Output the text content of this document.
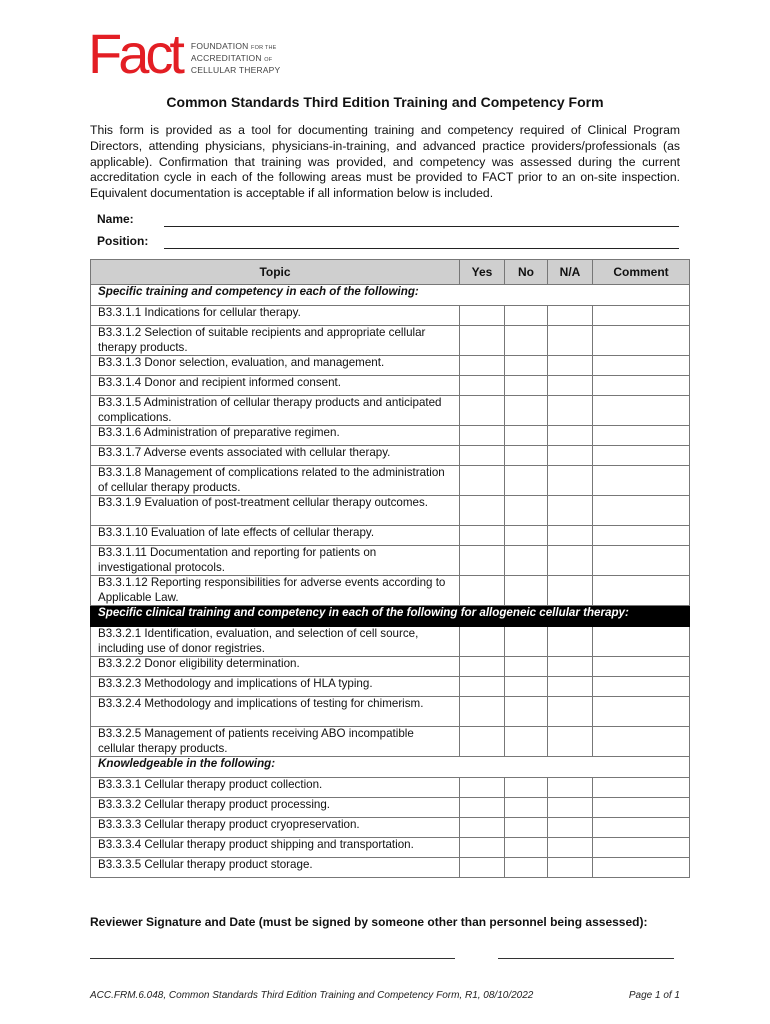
Fact FOUNDATION FOR THE
ACCREDITATION OF
CELLULAR THERAPY
Common Standards Third Edition Training and Competency Form
This form is provided as a tool for documenting training and competency required of Clinical Program Directors, attending physicians, physicians-in-training, and advanced practice providers/professionals (as applicable). Confirmation that training was provided, and competency was assessed during the current accreditation cycle in each of the following areas must be provided to FACT prior to an on-site inspection. Equivalent documentation is acceptable if all information below is included.
Name:
Position:
Topic	Yes	No	N/A	Comment
Specific training and competency in each of the following:				
B3.3.1.1 Indications for cellular therapy.				
B3.3.1.2 Selection of suitable recipients and appropriate cellular therapy products.				
B3.3.1.3 Donor selection, evaluation, and management.				
B3.3.1.4 Donor and recipient informed consent.				
B3.3.1.5 Administration of cellular therapy products and anticipated complications.				
B3.3.1.6 Administration of preparative regimen.				
B3.3.1.7 Adverse events associated with cellular therapy.				
B3.3.1.8 Management of complications related to the administration of cellular therapy products.				
B3.3.1.9 Evaluation of post-treatment cellular therapy outcomes.				
B3.3.1.10 Evaluation of late effects of cellular therapy.				
B3.3.1.11 Documentation and reporting for patients on investigational protocols.				
B3.3.1.12 Reporting responsibilities for adverse events according to Applicable Law.				
Specific clinical training and competency in each of the following for allogeneic cellular therapy:				
B3.3.2.1 Identification, evaluation, and selection of cell source, including use of donor registries.				
B3.3.2.2 Donor eligibility determination.				
B3.3.2.3 Methodology and implications of HLA typing.				
B3.3.2.4 Methodology and implications of testing for chimerism.				
B3.3.2.5 Management of patients receiving ABO incompatible cellular therapy products.				
Knowledgeable in the following:				
B3.3.3.1 Cellular therapy product collection.				
B3.3.3.2 Cellular therapy product processing.				
B3.3.3.3 Cellular therapy product cryopreservation.				
B3.3.3.4 Cellular therapy product shipping and transportation.				
B3.3.3.5 Cellular therapy product storage.				
Reviewer Signature and Date (must be signed by someone other than personnel being assessed):
ACC.FRM.6.048, Common Standards Third Edition Training and Competency Form, R1, 08/10/2022	Page 1 of 1
